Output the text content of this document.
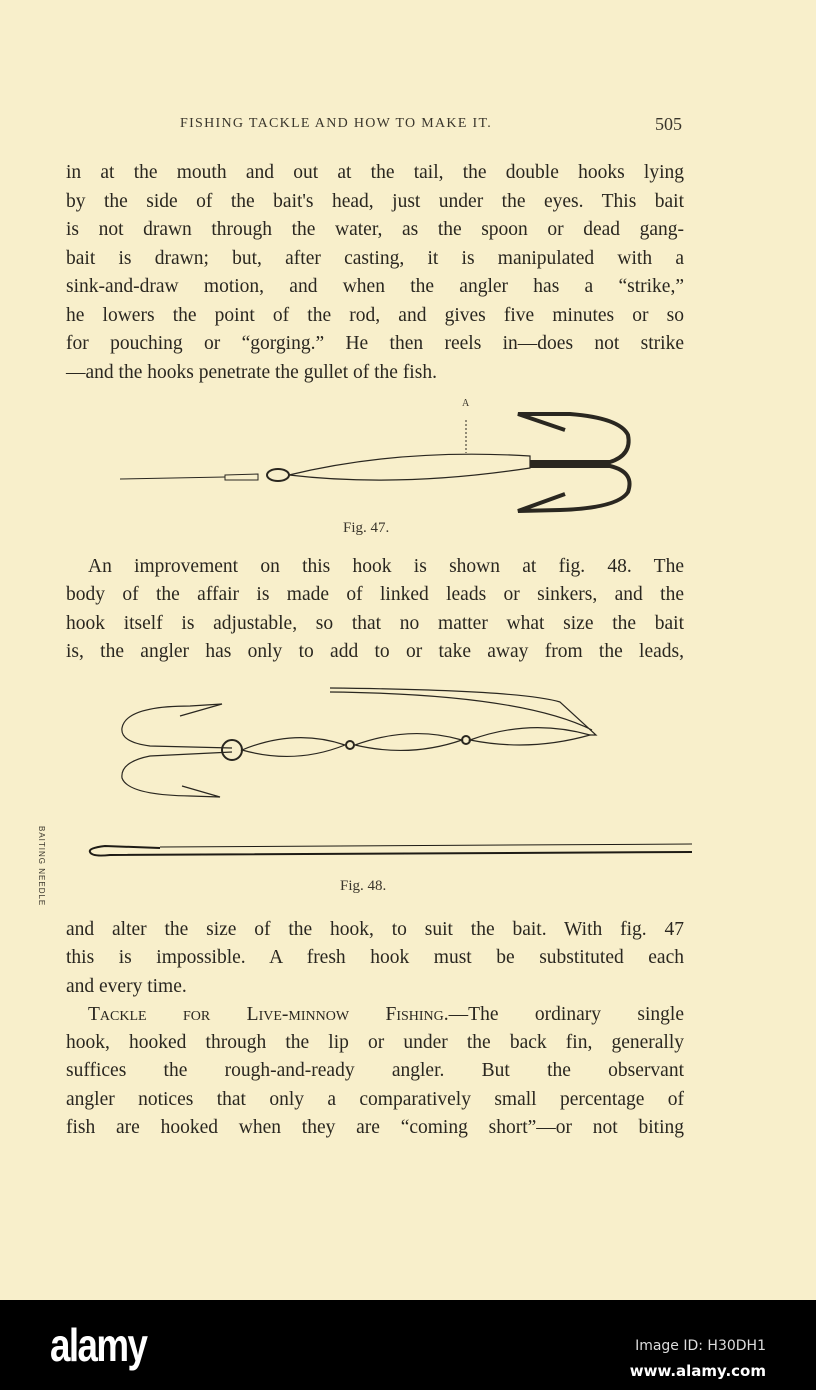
FISHING TACKLE AND HOW TO MAKE IT.	505
in at the mouth and out at the tail, the double hooks lying
by the side of the bait's head, just under the eyes. This bait
is not drawn through the water, as the spoon or dead gang-
bait is drawn; but, after casting, it is manipulated with a
sink-and-draw motion, and when the angler has a “strike,”
he lowers the point of the rod, and gives five minutes or so
for pouching or “gorging.” He then reels in—does not strike
—and the hooks penetrate the gullet of the fish.
A
Fig. 47.
An improvement on this hook is shown at fig. 48. The
body of the affair is made of linked leads or sinkers, and the
hook itself is adjustable, so that no matter what size the bait
is, the angler has only to add to or take away from the leads,
BAITING NEEDLE	Fig. 48.
and alter the size of the hook, to suit the bait. With fig. 47
this is impossible. A fresh hook must be substituted each
and every time.
Tackle for Live-minnow Fishing.—The ordinary single
hook, hooked through the lip or under the back fin, generally
suffices the rough-and-ready angler. But the observant
angler notices that only a comparatively small percentage of
fish are hooked when they are “coming short”—or not biting
alamy	Image ID: H30DH1
www.alamy.com
